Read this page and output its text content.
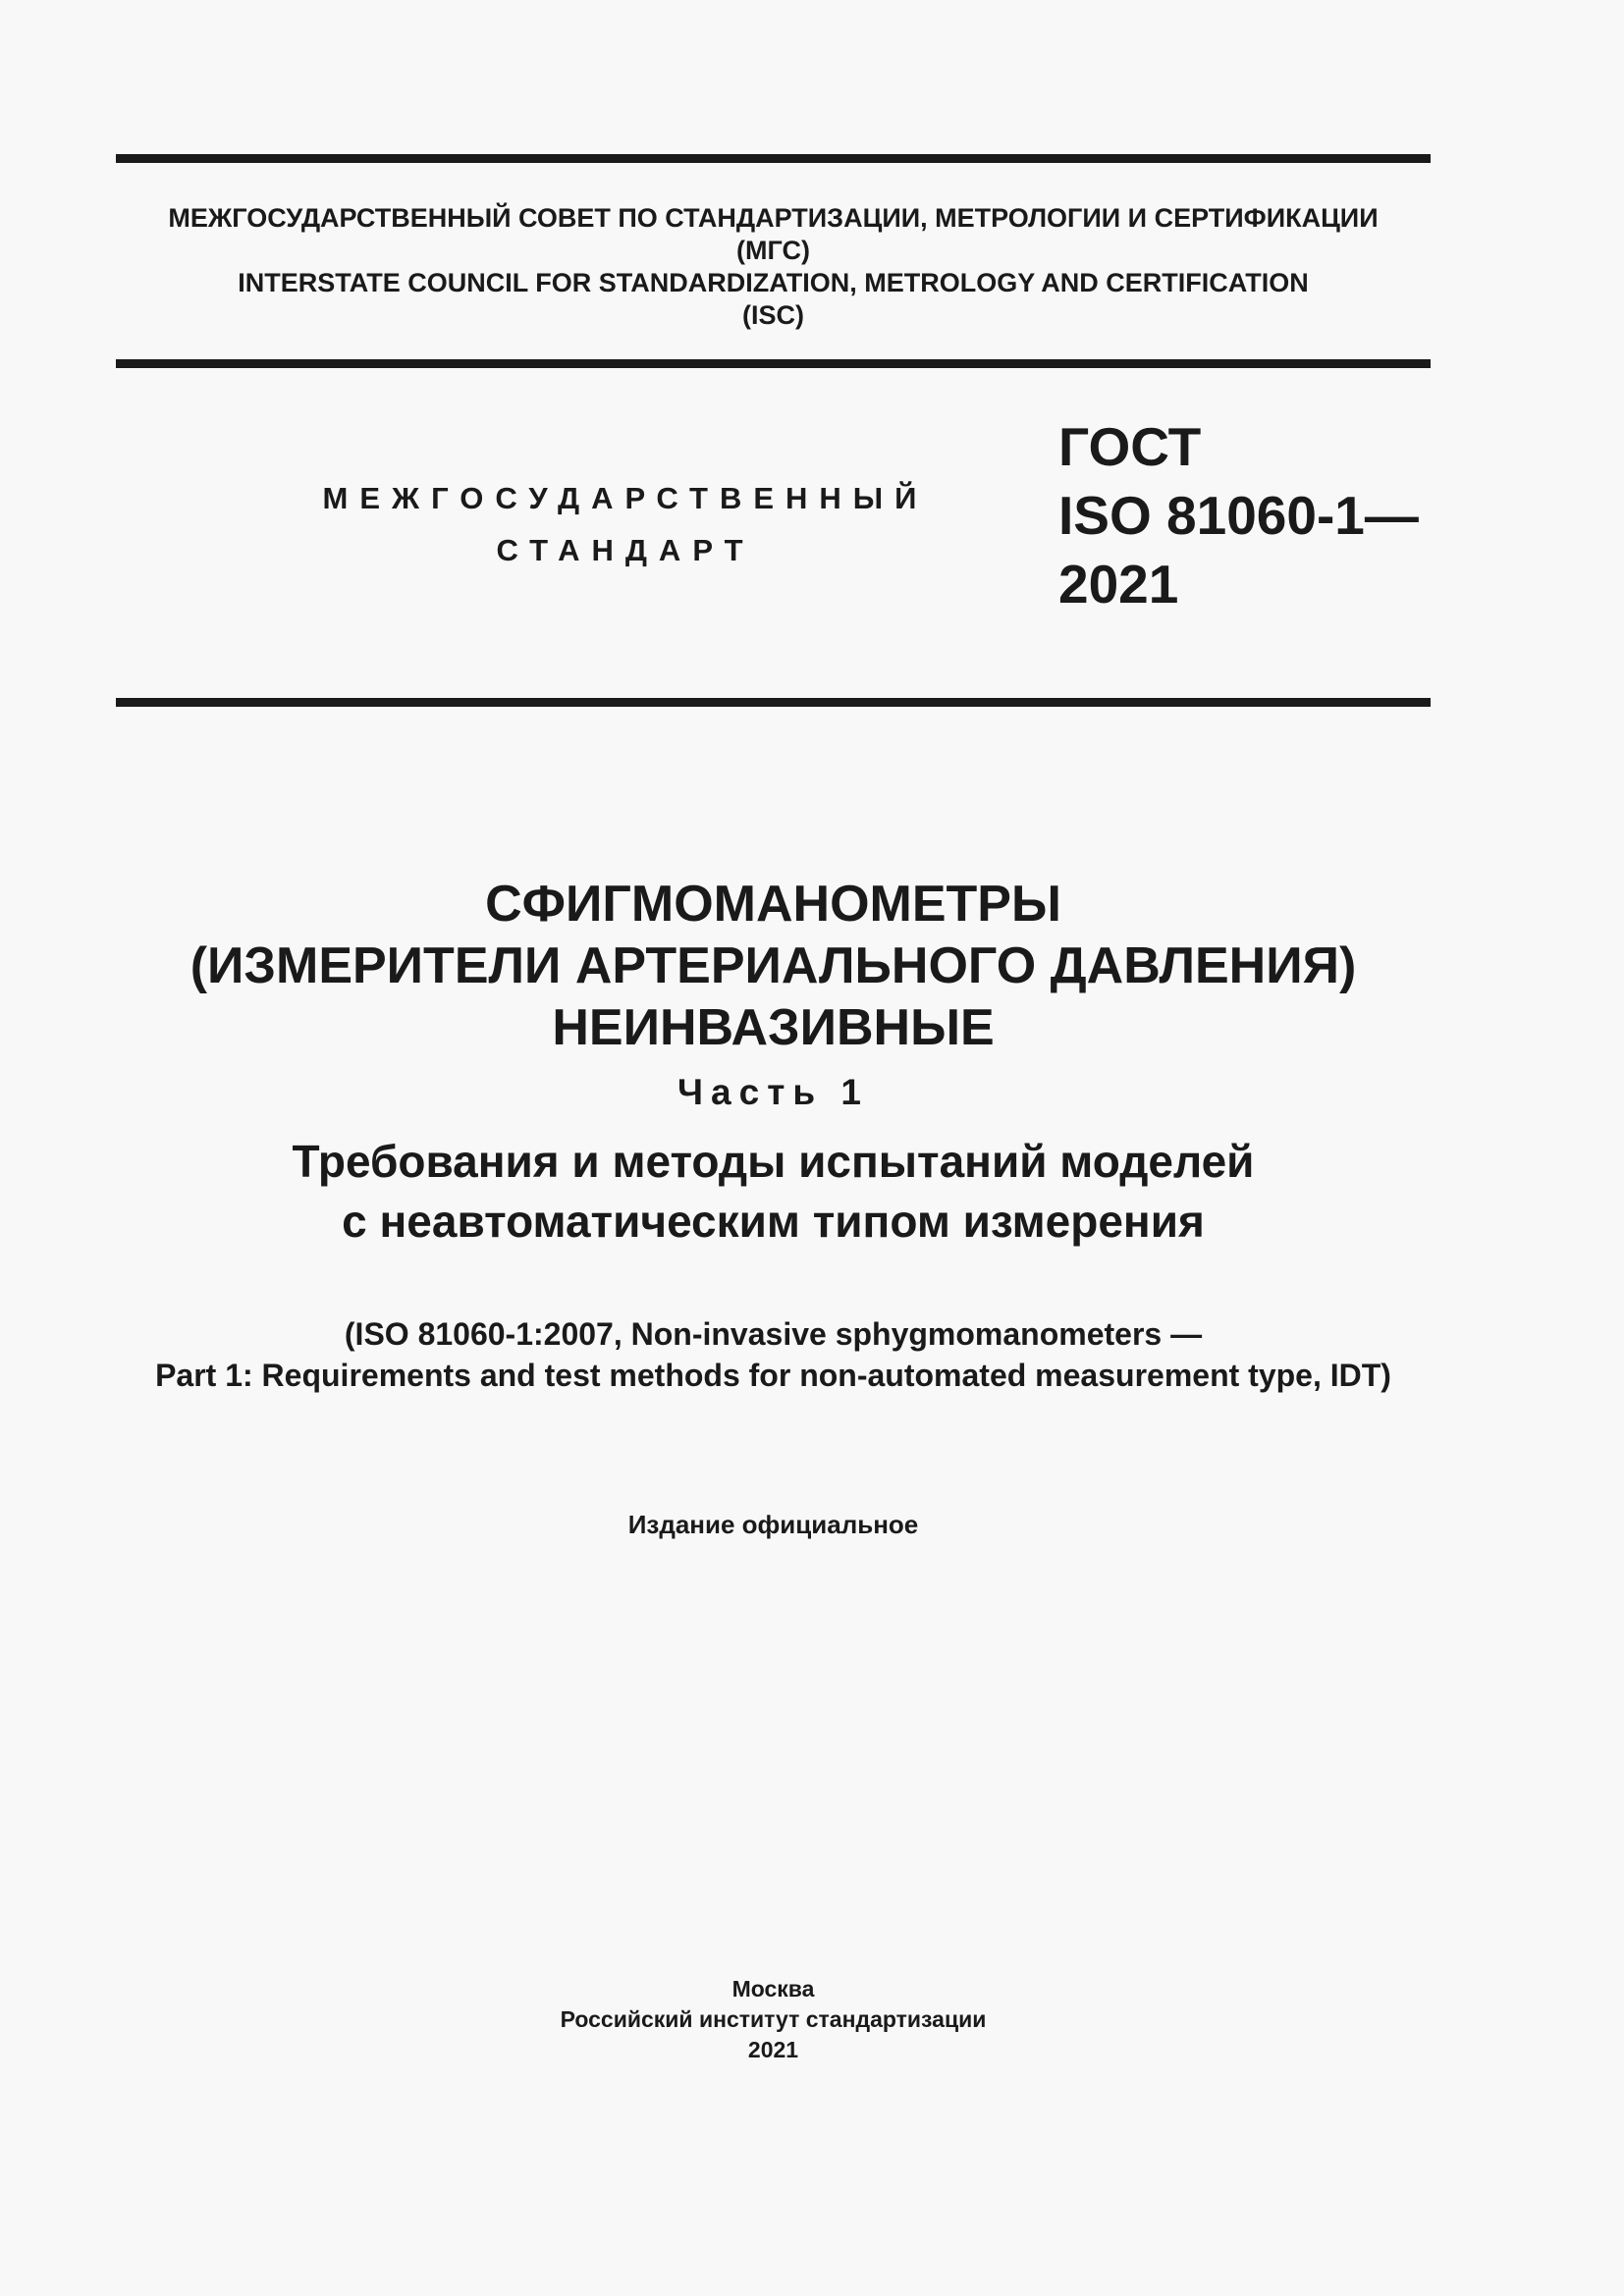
МЕЖГОСУДАРСТВЕННЫЙ СОВЕТ ПО СТАНДАРТИЗАЦИИ, МЕТРОЛОГИИ И СЕРТИФИКАЦИИ
(МГС)
INTERSTATE COUNCIL FOR STANDARDIZATION, METROLOGY AND CERTIFICATION
(ISC)
МЕЖГОСУДАРСТВЕННЫЙ
СТАНДАРТ
ГОСТ
ISO 81060-1—
2021
СФИГМОМАНОМЕТРЫ
(ИЗМЕРИТЕЛИ АРТЕРИАЛЬНОГО ДАВЛЕНИЯ)
НЕИНВАЗИВНЫЕ
Часть 1
Требования и методы испытаний моделей
с неавтоматическим типом измерения
(ISO 81060-1:2007, Non-invasive sphygmomanometers —
Part 1: Requirements and test methods for non-automated measurement type, IDT)
Издание официальное
Москва
Российский институт стандартизации
2021
